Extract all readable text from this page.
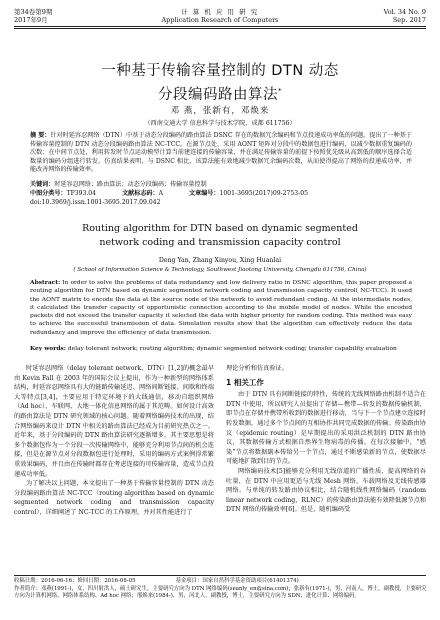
第34卷第9期
2017年9月
计 算 机 应 用 研 究
Application Research of Computers
Vol. 34 No. 9
Sep. 2017
一种基于传输容量控制的 DTN 动态
分段编码路由算法*
邓 燕，张新有，邓焕来
（西南交通大学 信息科学与技术学院，成都 611756）
摘 要：针对时延容忍网络（DTN）中基于动态分段编码的路由算法 DSNC 存在的数据冗余编码和节点投递成功率低的问题，提出了一种基于传输容量控制的 DTN 动态分段编码路由算法 NC-TCC。在源节点处，采用 AONT 矩阵对分段中的数据包进行编码，以减少数据重复编码的次数；在中间节点处，利用转发时节点运动模型计算当前建连接的传输容量，并在满足传输容量的前提下按照优先级从高到低的顺序选择合适数量的编码分组进行转发。仿真结果表明，与 DSNC 相比，该算法能有效地减少数据冗余编码次数，从而使得提高了网络的投递成功率，并能改善网络的传输效率。
关键词：时延容忍网络；路由算法；动态分段编码；传输容量控制
中图分类号：TP393.04	文献标志码：A	文章编号：1001-3695(2017)09-2753-05
doi:10.3969/j.issn.1001-3695.2017.09.042
Routing algorithm for DTN based on dynamic segmented
network coding and transmission capacity control
Deng Yan, Zhang Xinyou, Xing Huanlai
( School of Information Science & Technology, Southwest Jiaotong University, Chengdu 611756, China)
Abstract: In order to solve the problems of data redundancy and low delivery ratio in DSNC algorithm, this paper proposed a routing algorithm for DTN based on dynamic segmented network coding and transmission capacity control( NC-TCC). It used the AONT matrix to encode the data at the source node of the network to avoid redundant coding. At the intermediate nodes, it calculated the transfer capacity of opportunistic connection according to the mobile model of nodes. While the encoded packets did not exceed the transfer capacity it selected the data with higher priority for random coding. This method was easy to achieve the successful transmission of data. Simulation results show that the algorithm can effectively reduce the data redundancy and improve the efficiency of data transmission.
Key words: delay tolerant network; routing algorithm; dynamic segmented network coding; transfer capability evaluation

时延容忍网络（delay tolerant network，DTN）[1,2]的概念最早由 Kevin Fall 在 2003 年的国际会议上提出，作为一种新型的网络体系结构，时延容忍网络具有大的链路传输延迟、网络间断链接、间歇和终端大等特点[3,4]，主要应用于特定环境下的大线通信，移动自组织网络（Ad hoc）、车联网、大地一体化信息网络的属于其范畴。如何设计高效的路由算法是 DTN 研究领域的核心问题。随着网络编码技术的出现，结合网络编码来设计 DTN 中相关的路由算法已经成为目前研究热点之一。近年来，基于分段编码的 DTN 路由算法研究逐渐增多，其主要思想是将多个数据包作为一个分段一次传输网络中，能够充分利用节点间的机会连接，但是在源节点对分段数据包进行处理时，采用的编码方式案例得常繁重效果编码，并且由在传输时都存在考虑连接的可传输容量，造成节点投递成功率低。

为了解决以上问题，本文提出了一种基于传输容量控制的 DTN 动态分段编码路由算法 NC-TCC（routing algorithm based on dynamic segmented network coding and transmission capacity control），详细阐述了 NC-TCC 的工作原理，并对其性能进行了

理论分析和仿真验证。

1 相关工作

由于 DTN 具有间断链接的特性，传统的无线网络路由机制不适合在 DTN 中使用，所以研究人员提出了存储—携带—转发的数据传输机制，即节点在存储并携带所收到的数据进行移动，当与下一个节点建立连接时转发数据，通过多个节点间的互相协作共同完成数据的传输。传染路由协议（epidemic routing）是早期提出的采用洪泛机制的 DTN 路由协议，其数据传输方式根据自然界生物病毒的传播。在每次接触中，“感染”节点将数据副本传给另一个节点，通过不断感染新的节点，使数据尽可能地扩散到目的节点。

网络编码技术[5]能够充分利用无线信道的广播性质，提高网络的吞吐量，在 DTN 中应用更适与无线 Mesh 网络、车载网络及无线传感器网络。与单纯的转发路由协议相比，结合随机线性网络编码（random linear network coding，RLNC）的传染路由算法能有效降低源节点和 DTN 网络的传输效率[6]。但是，随机编码受

收稿日期：2016-06-16；修回日期：2016-08-05	基金项目：国家自然科学基金资助项目(61401374)
作者简介：邓燕(1991-)，女，四川射洪人，硕士研究生，主要研究方向为 DTN 网络编码(seanly_en@sina.com)；张新有(1971-)，男，河南人，博士，副教授，主要研究方向为计算机网络、网络体系结构、Ad hoc 网络；邢焕来(1984-)，男，河北人，副教授，博士，主要研究方向为 SDN、进化计算、网络编码。
